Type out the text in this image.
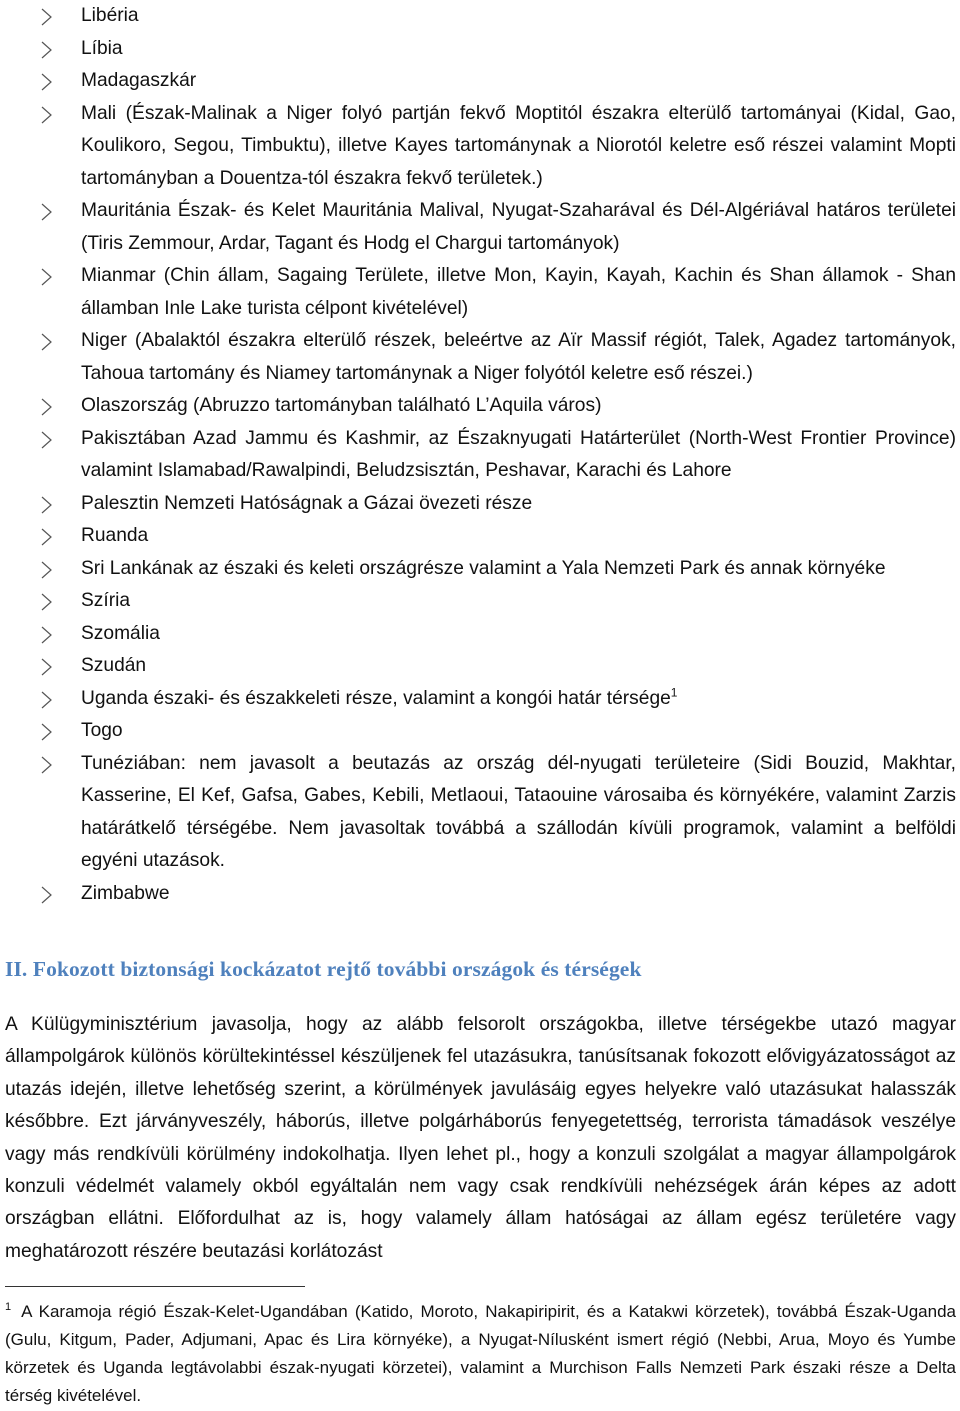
Libéria
Líbia
Madagaszkár
Mali (Észak-Malinak a Niger folyó partján fekvő Moptitól északra elterülő tartományai (Kidal, Gao, Koulikoro, Segou, Timbuktu), illetve Kayes tartománynak a Niorotól keletre eső részei valamint Mopti tartományban a Douentza-tól északra fekvő területek.)
Mauritánia Észak- és Kelet Mauritánia Malival, Nyugat-Szaharával és Dél-Algériával határos területei (Tiris Zemmour, Ardar, Tagant és Hodg el Chargui tartományok)
Mianmar (Chin állam, Sagaing Területe, illetve Mon, Kayin, Kayah, Kachin és Shan államok - Shan államban Inle Lake turista célpont kivételével)
Niger (Abalaktól északra elterülő részek, beleértve az Aïr Massif régiót, Talek, Agadez tartományok, Tahoua tartomány és Niamey tartománynak a Niger folyótól keletre eső részei.)
Olaszország (Abruzzo tartományban található L’Aquila város)
Pakisztában Azad Jammu és Kashmir, az Északnyugati Határterület (North-West Frontier Province) valamint Islamabad/Rawalpindi, Beludzsisztán, Peshavar, Karachi és Lahore
Palesztin Nemzeti Hatóságnak a Gázai övezeti része
Ruanda
Sri Lankának az északi és keleti országrésze valamint a Yala Nemzeti Park és annak környéke
Szíria
Szomália
Szudán
Uganda északi- és északkeleti része, valamint a kongói határ térsége$^1$
Togo
Tunéziában: nem javasolt a beutazás az ország dél-nyugati területeire (Sidi Bouzid, Makhtar, Kasserine, El Kef, Gafsa, Gabes, Kebili, Metlaoui, Tataouine városaiba és környékére, valamint Zarzis határátkelő térségébe. Nem javasoltak továbbá a szállodán kívüli programok, valamint a belföldi egyéni utazások.
Zimbabwe
II. Fokozott biztonsági kockázatot rejtő további országok és térségek

A Külügyminisztérium javasolja, hogy az alább felsorolt országokba, illetve térségekbe utazó magyar állampolgárok különös körültekintéssel készüljenek fel utazásukra, tanúsítsanak fokozott elővigyázatosságot az utazás idején, illetve lehetőség szerint, a körülmények javulásáig egyes helyekre való utazásukat halasszák későbbre. Ezt járványveszély, háborús, illetve polgárháborús fenyegetettség, terrorista támadások veszélye vagy más rendkívüli körülmény indokolhatja. Ilyen lehet pl., hogy a konzuli szolgálat a magyar állampolgárok konzuli védelmét valamely okból egyáltalán nem vagy csak rendkívüli nehézségek árán képes az adott országban ellátni. Előfordulhat az is, hogy valamely állam hatóságai az állam egész területére vagy meghatározott részére beutazási korlátozást

$^1$ A Karamoja régió Észak-Kelet-Ugandában (Katido, Moroto, Nakapiripirit, és a Katakwi körzetek), továbbá Észak-Uganda (Gulu, Kitgum, Pader, Adjumani, Apac és Lira környéke), a Nyugat-Nílusként ismert régió (Nebbi, Arua, Moyo és Yumbe körzetek és Uganda legtávolabbi észak-nyugati körzetei), valamint a Murchison Falls Nemzeti Park északi része a Delta térség kivételével.
